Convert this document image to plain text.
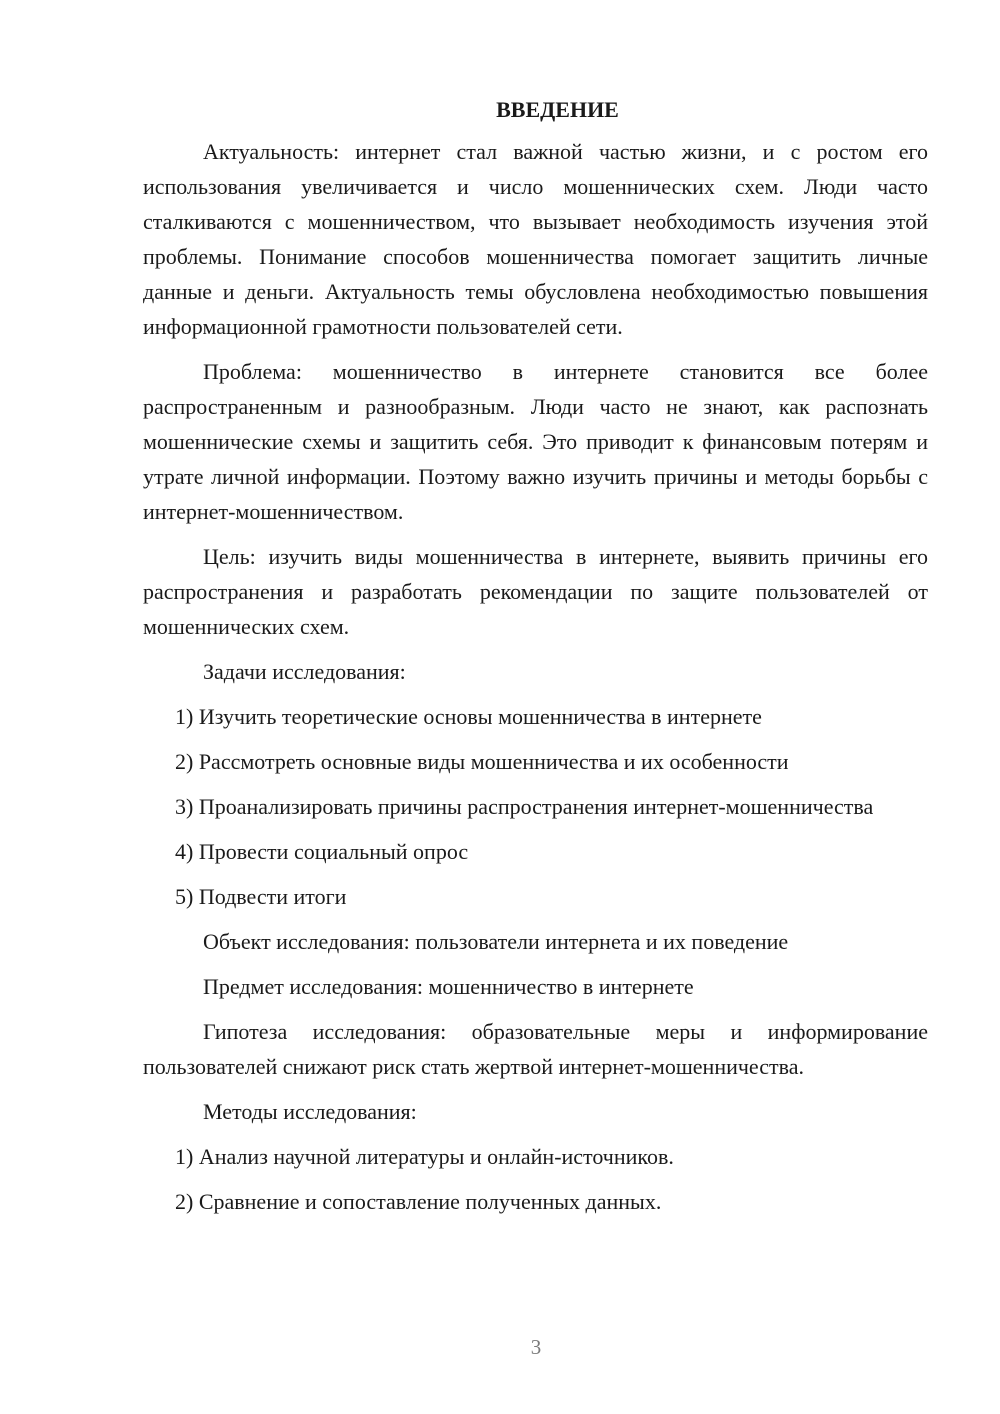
ВВЕДЕНИЕ

Актуальность: интернет стал важной частью жизни, и с ростом его использования увеличивается и число мошеннических схем. Люди часто сталкиваются с мошенничеством, что вызывает необходимость изучения этой проблемы. Понимание способов мошенничества помогает защитить личные данные и деньги. Актуальность темы обусловлена необходимостью повышения информационной грамотности пользователей сети.

Проблема: мошенничество в интернете становится все более распространенным и разнообразным. Люди часто не знают, как распознать мошеннические схемы и защитить себя. Это приводит к финансовым потерям и утрате личной информации. Поэтому важно изучить причины и методы борьбы с интернет-мошенничеством.

Цель: изучить виды мошенничества в интернете, выявить причины его распространения и разработать рекомендации по защите пользователей от мошеннических схем.

Задачи исследования:

1) Изучить теоретические основы мошенничества в интернете

2) Рассмотреть основные виды мошенничества и их особенности

3) Проанализировать причины распространения интернет-мошенничества

4) Провести социальный опрос

5) Подвести итоги

Объект исследования: пользователи интернета и их поведение

Предмет исследования: мошенничество в интернете

Гипотеза исследования: образовательные меры и информирование пользователей снижают риск стать жертвой интернет-мошенничества.

Методы исследования:

1) Анализ научной литературы и онлайн-источников.

2) Сравнение и сопоставление полученных данных.

3
